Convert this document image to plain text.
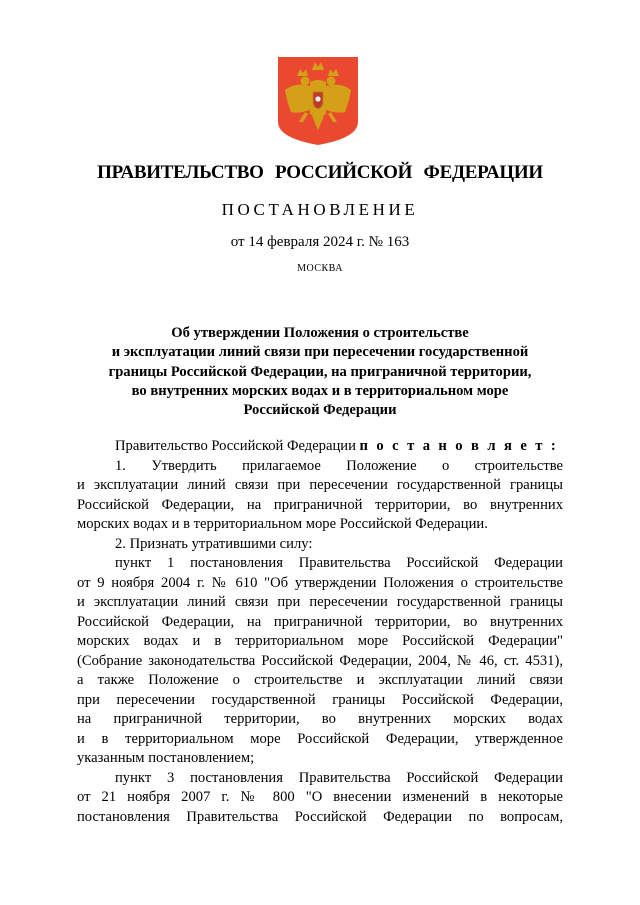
ПРАВИТЕЛЬСТВО РОССИЙСКОЙ ФЕДЕРАЦИИ
ПОСТАНОВЛЕНИЕ
от 14 февраля 2024 г. № 163
МОСКВА
Об утверждении Положения о строительстве
и эксплуатации линий связи при пересечении государственной
границы Российской Федерации, на приграничной территории,
во внутренних морских водах и в территориальном море
Российской Федерации
Правительство Российской Федерации п о с т а н о в л я е т :
1. Утвердить прилагаемое Положение о строительстве
и эксплуатации линий связи при пересечении государственной границы
Российской Федерации, на приграничной территории, во внутренних
морских водах и в территориальном море Российской Федерации.
2. Признать утратившими силу:
пункт 1 постановления Правительства Российской Федерации
от 9 ноября 2004 г. № 610 "Об утверждении Положения о строительстве
и эксплуатации линий связи при пересечении государственной границы
Российской Федерации, на приграничной территории, во внутренних
морских водах и в территориальном море Российской Федерации"
(Собрание законодательства Российской Федерации, 2004, № 46, ст. 4531),
а также Положение о строительстве и эксплуатации линий связи
при пересечении государственной границы Российской Федерации,
на приграничной территории, во внутренних морских водах
и в территориальном море Российской Федерации, утвержденное
указанным постановлением;
пункт 3 постановления Правительства Российской Федерации
от 21 ноября 2007 г. № 800 "О внесении изменений в некоторые
постановления Правительства Российской Федерации по вопросам,
